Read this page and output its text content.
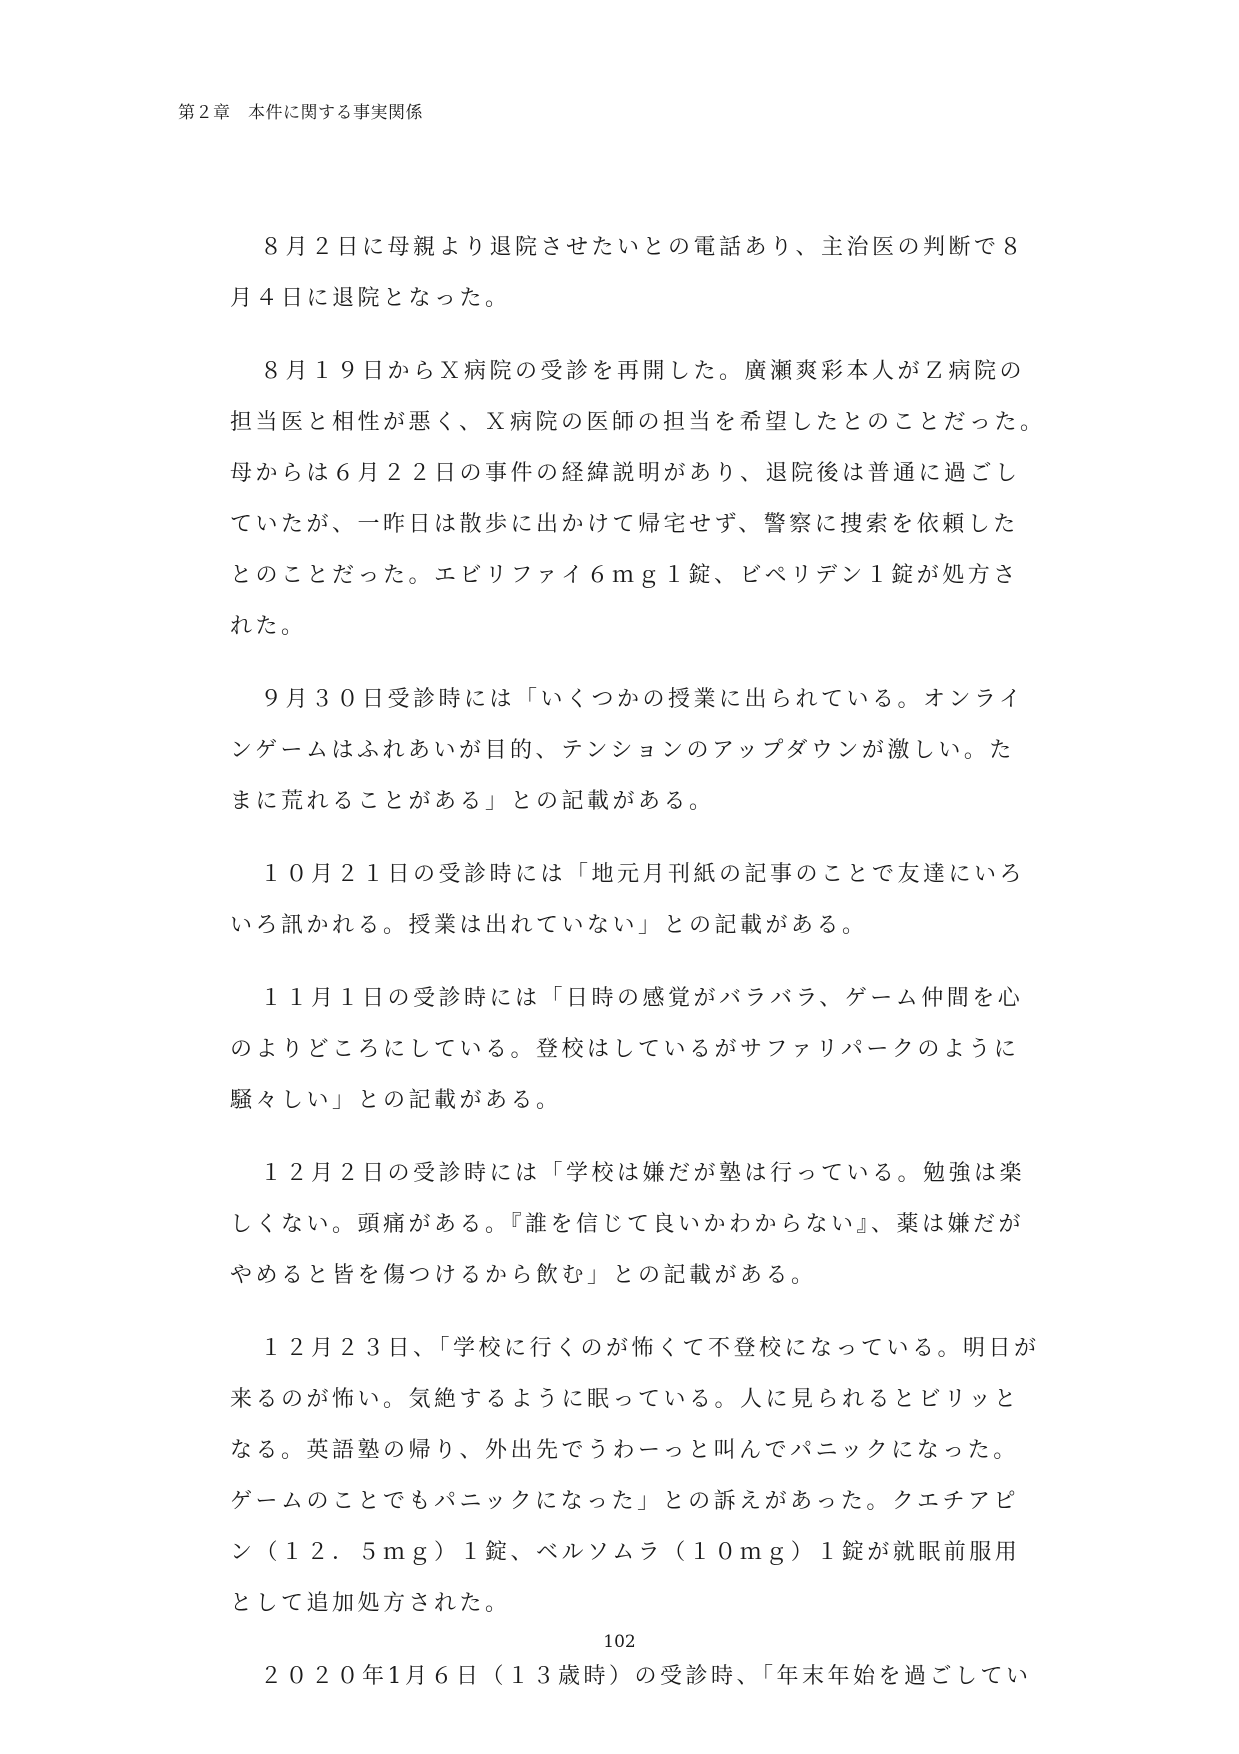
第２章　本件に関する事実関係
８月２日に母親より退院させたいとの電話あり、主治医の判断で８
月４日に退院となった。
８月１９日からＸ病院の受診を再開した。廣瀬爽彩本人がＺ病院の
担当医と相性が悪く、Ｘ病院の医師の担当を希望したとのことだった。
母からは６月２２日の事件の経緯説明があり、退院後は普通に過ごし
ていたが、一昨日は散歩に出かけて帰宅せず、警察に捜索を依頼した
とのことだった。エビリファイ６ｍｇ１錠、ビペリデン１錠が処方さ
れた。
９月３０日受診時には「いくつかの授業に出られている。オンライ
ンゲームはふれあいが目的、テンションのアップダウンが激しい。た
まに荒れることがある」との記載がある。
１０月２１日の受診時には「地元月刊紙の記事のことで友達にいろ
いろ訊かれる。授業は出れていない」との記載がある。
１１月１日の受診時には「日時の感覚がバラバラ、ゲーム仲間を心
のよりどころにしている。登校はしているがサファリパークのように
騒々しい」との記載がある。
１２月２日の受診時には「学校は嫌だが塾は行っている。勉強は楽
しくない。頭痛がある。『誰を信じて良いかわからない』、薬は嫌だが
やめると皆を傷つけるから飲む」との記載がある。
１２月２３日、「学校に行くのが怖くて不登校になっている。明日が
来るのが怖い。気絶するように眠っている。人に見られるとビリッと
なる。英語塾の帰り、外出先でうわーっと叫んでパニックになった。
ゲームのことでもパニックになった」との訴えがあった。クエチアピ
ン（１２．５ｍｇ）１錠、ベルソムラ（１０ｍｇ）１錠が就眠前服用
として追加処方された。
２０２０年1月６日（１３歳時）の受診時、「年末年始を過ごしてい
102
